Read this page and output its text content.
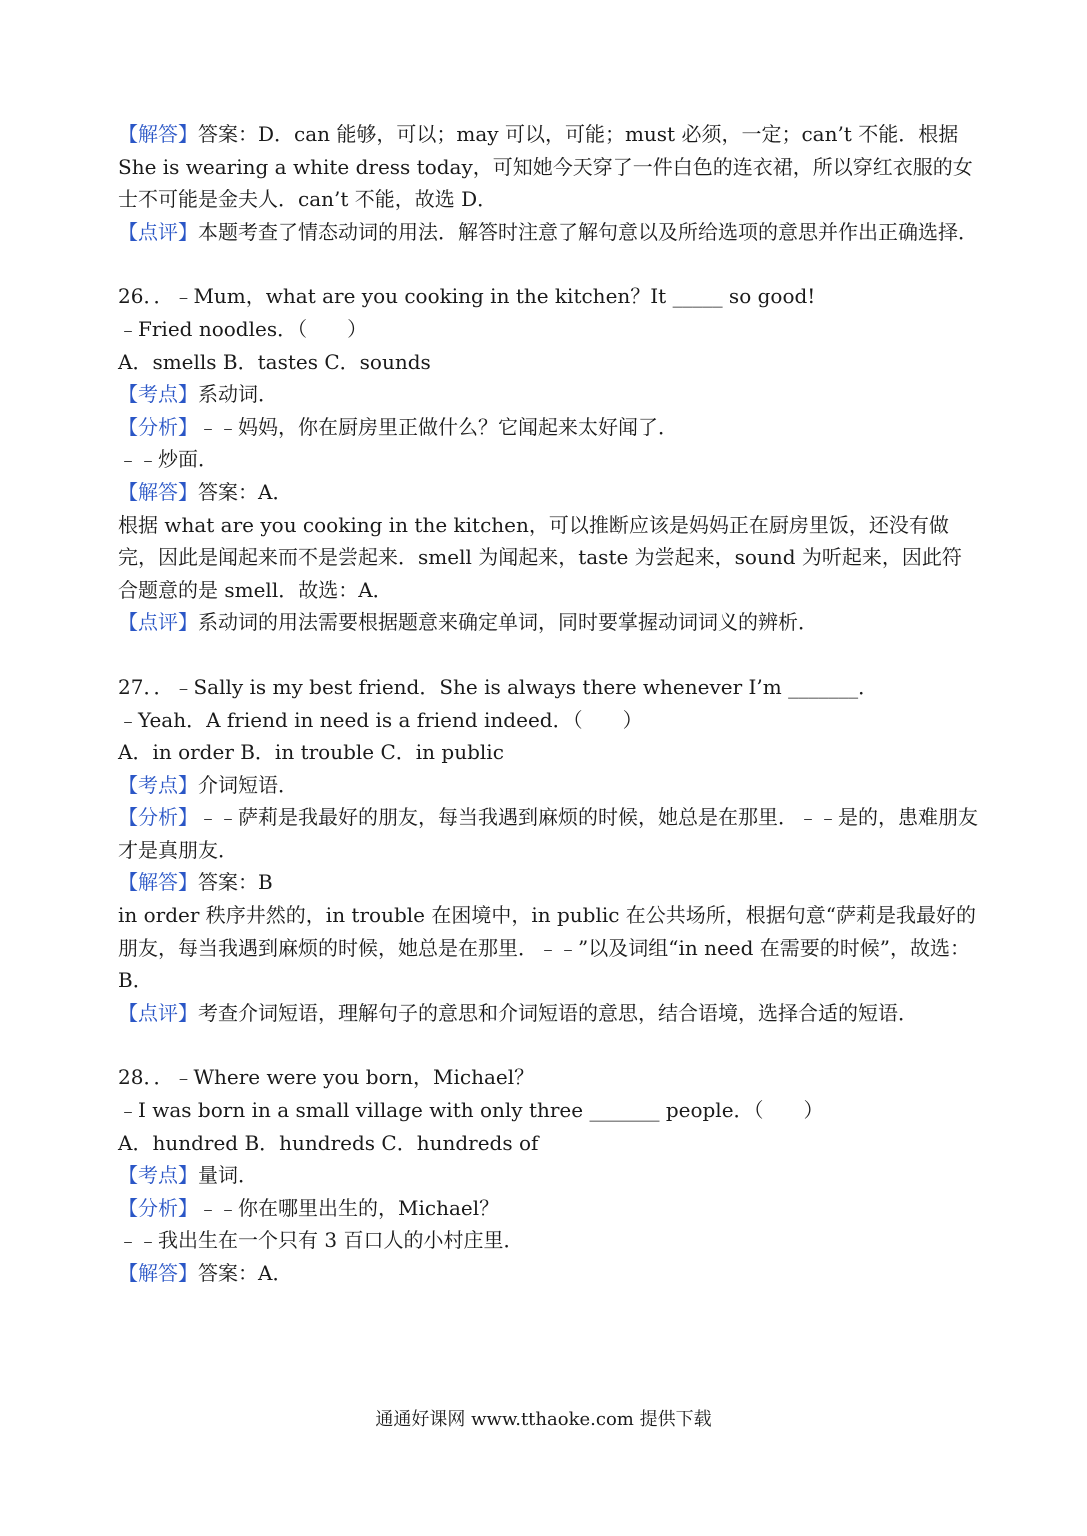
【解答】答案：D．can 能够，可以；may 可以，可能；must 必须，一定；can’t 不能．根据 She is wearing a white dress today，可知她今天穿了一件白色的连衣裙，所以穿红衣服的女士不可能是金夫人．can’t 不能，故选 D．

【点评】本题考查了情态动词的用法．解答时注意了解句意以及所给选项的意思并作出正确选择．

26．．﹣Mum，what are you cooking in the kitchen？It _____ so good!

﹣Fried noodles．（　　）

A．smells B．tastes C．sounds

【考点】系动词．

【分析】﹣﹣妈妈，你在厨房里正做什么？它闻起来太好闻了．

﹣﹣炒面．

【解答】答案：A．

根据 what are you cooking in the kitchen，可以推断应该是妈妈正在厨房里饭，还没有做完，因此是闻起来而不是尝起来．smell 为闻起来，taste 为尝起来，sound 为听起来，因此符合题意的是 smell．故选：A．

【点评】系动词的用法需要根据题意来确定单词，同时要掌握动词词义的辨析．

27．．﹣Sally is my best friend．She is always there whenever I’m _______．

﹣Yeah．A friend in need is a friend indeed．（　　）

A．in order B．in trouble C．in public

【考点】介词短语．

【分析】﹣﹣萨莉是我最好的朋友，每当我遇到麻烦的时候，她总是在那里．﹣﹣是的，患难朋友才是真朋友．

【解答】答案：B

in order 秩序井然的，in trouble 在困境中，in public 在公共场所，根据句意“萨莉是我最好的朋友，每当我遇到麻烦的时候，她总是在那里．﹣﹣”以及词组“in need 在需要的时候”，故选：B．

【点评】考查介词短语，理解句子的意思和介词短语的意思，结合语境，选择合适的短语．

28．．﹣Where were you born，Michael？

﹣I was born in a small village with only three _______ people．（　　）

A．hundred B．hundreds C．hundreds of

【考点】量词．

【分析】﹣﹣你在哪里出生的，Michael？

﹣﹣我出生在一个只有 3 百口人的小村庄里．

【解答】答案：A．

通通好课网 www.tthaoke.com 提供下载
